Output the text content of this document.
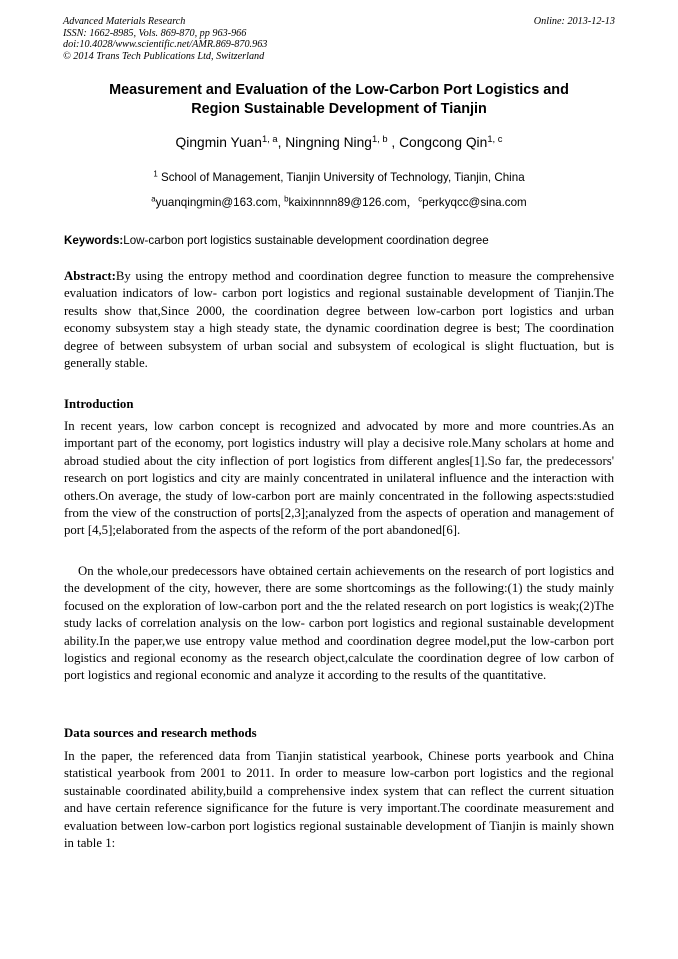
Advanced Materials Research
ISSN: 1662-8985, Vols. 869-870, pp 963-966
doi:10.4028/www.scientific.net/AMR.869-870.963
© 2014 Trans Tech Publications Ltd, Switzerland
Online: 2013-12-13
Measurement and Evaluation of the Low-Carbon Port Logistics and
Region Sustainable Development of Tianjin
Qingmin Yuan$^{1, a}$, Ningning Ning$^{1, b}$ , Congcong Qin$^{1, c}$
$^1$ School of Management, Tianjin University of Technology, Tianjin, China
$^a$yuanqingmin@163.com, $^b$kaixinnnn89@126.com，$^c$perkyqcc@sina.com
Keywords:Low-carbon port logistics sustainable development coordination degree

Abstract:By using the entropy method and coordination degree function to measure the comprehensive evaluation indicators of low- carbon port logistics and regional sustainable development of Tianjin.The results show that,Since 2000, the coordination degree between low-carbon port logistics and urban economy subsystem stay a high steady state, the dynamic coordination degree is best; The coordination degree of between subsystem of urban social and subsystem of ecological is slight fluctuation, but is generally stable.

Introduction

In recent years, low carbon concept is recognized and advocated by more and more countries.As an important part of the economy, port logistics industry will play a decisive role.Many scholars at home and abroad studied about the city inflection of port logistics from different angles[1].So far, the predecessors' research on port logistics and city are mainly concentrated in unilateral influence and the interaction with others.On average, the study of low-carbon port are mainly concentrated in the following aspects:studied from the view of the construction of ports[2,3];analyzed from the aspects of operation and management of port [4,5];elaborated from the aspects of the reform of the port abandoned[6].

On the whole,our predecessors have obtained certain achievements on the research of port logistics and the development of the city, however, there are some shortcomings as the following:(1) the study mainly focused on the exploration of low-carbon port and the the related research on port logistics is weak;(2)The study lacks of correlation analysis on the low- carbon port logistics and regional sustainable development ability.In the paper,we use entropy value method and coordination degree model,put the low-carbon port logistics and regional economy as the research object,calculate the coordination degree of low carbon of port logistics and regional economic and analyze it according to the results of the quantitative.

Data sources and research methods

In the paper, the referenced data from Tianjin statistical yearbook, Chinese ports yearbook and China statistical yearbook from 2001 to 2011. In order to measure low-carbon port logistics and the regional sustainable coordinated ability,build a comprehensive index system that can reflect the current situation and have certain reference significance for the future is very important.The coordinate measurement and evaluation between low-carbon port logistics regional sustainable development of Tianjin is mainly shown in table 1:
